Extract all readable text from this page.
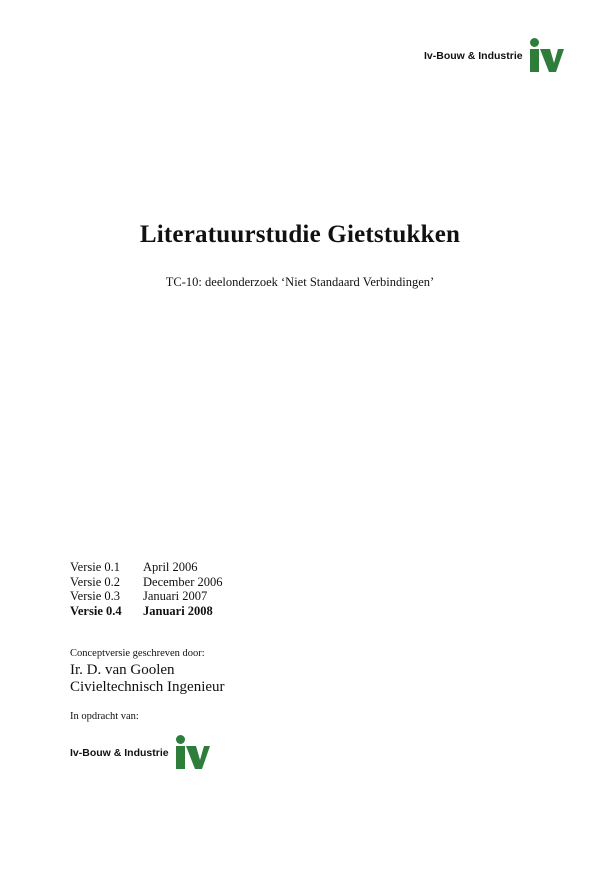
Iv-Bouw & Industrie
Literatuurstudie Gietstukken
TC-10: deelonderzoek ‘Niet Standaard Verbindingen’
Versie 0.1	April 2006
Versie 0.2	December 2006
Versie 0.3	Januari 2007
Versie 0.4	Januari 2008
Conceptversie geschreven door:
Ir. D. van Goolen
Civieltechnisch Ingenieur
In opdracht van:
Iv-Bouw & Industrie
